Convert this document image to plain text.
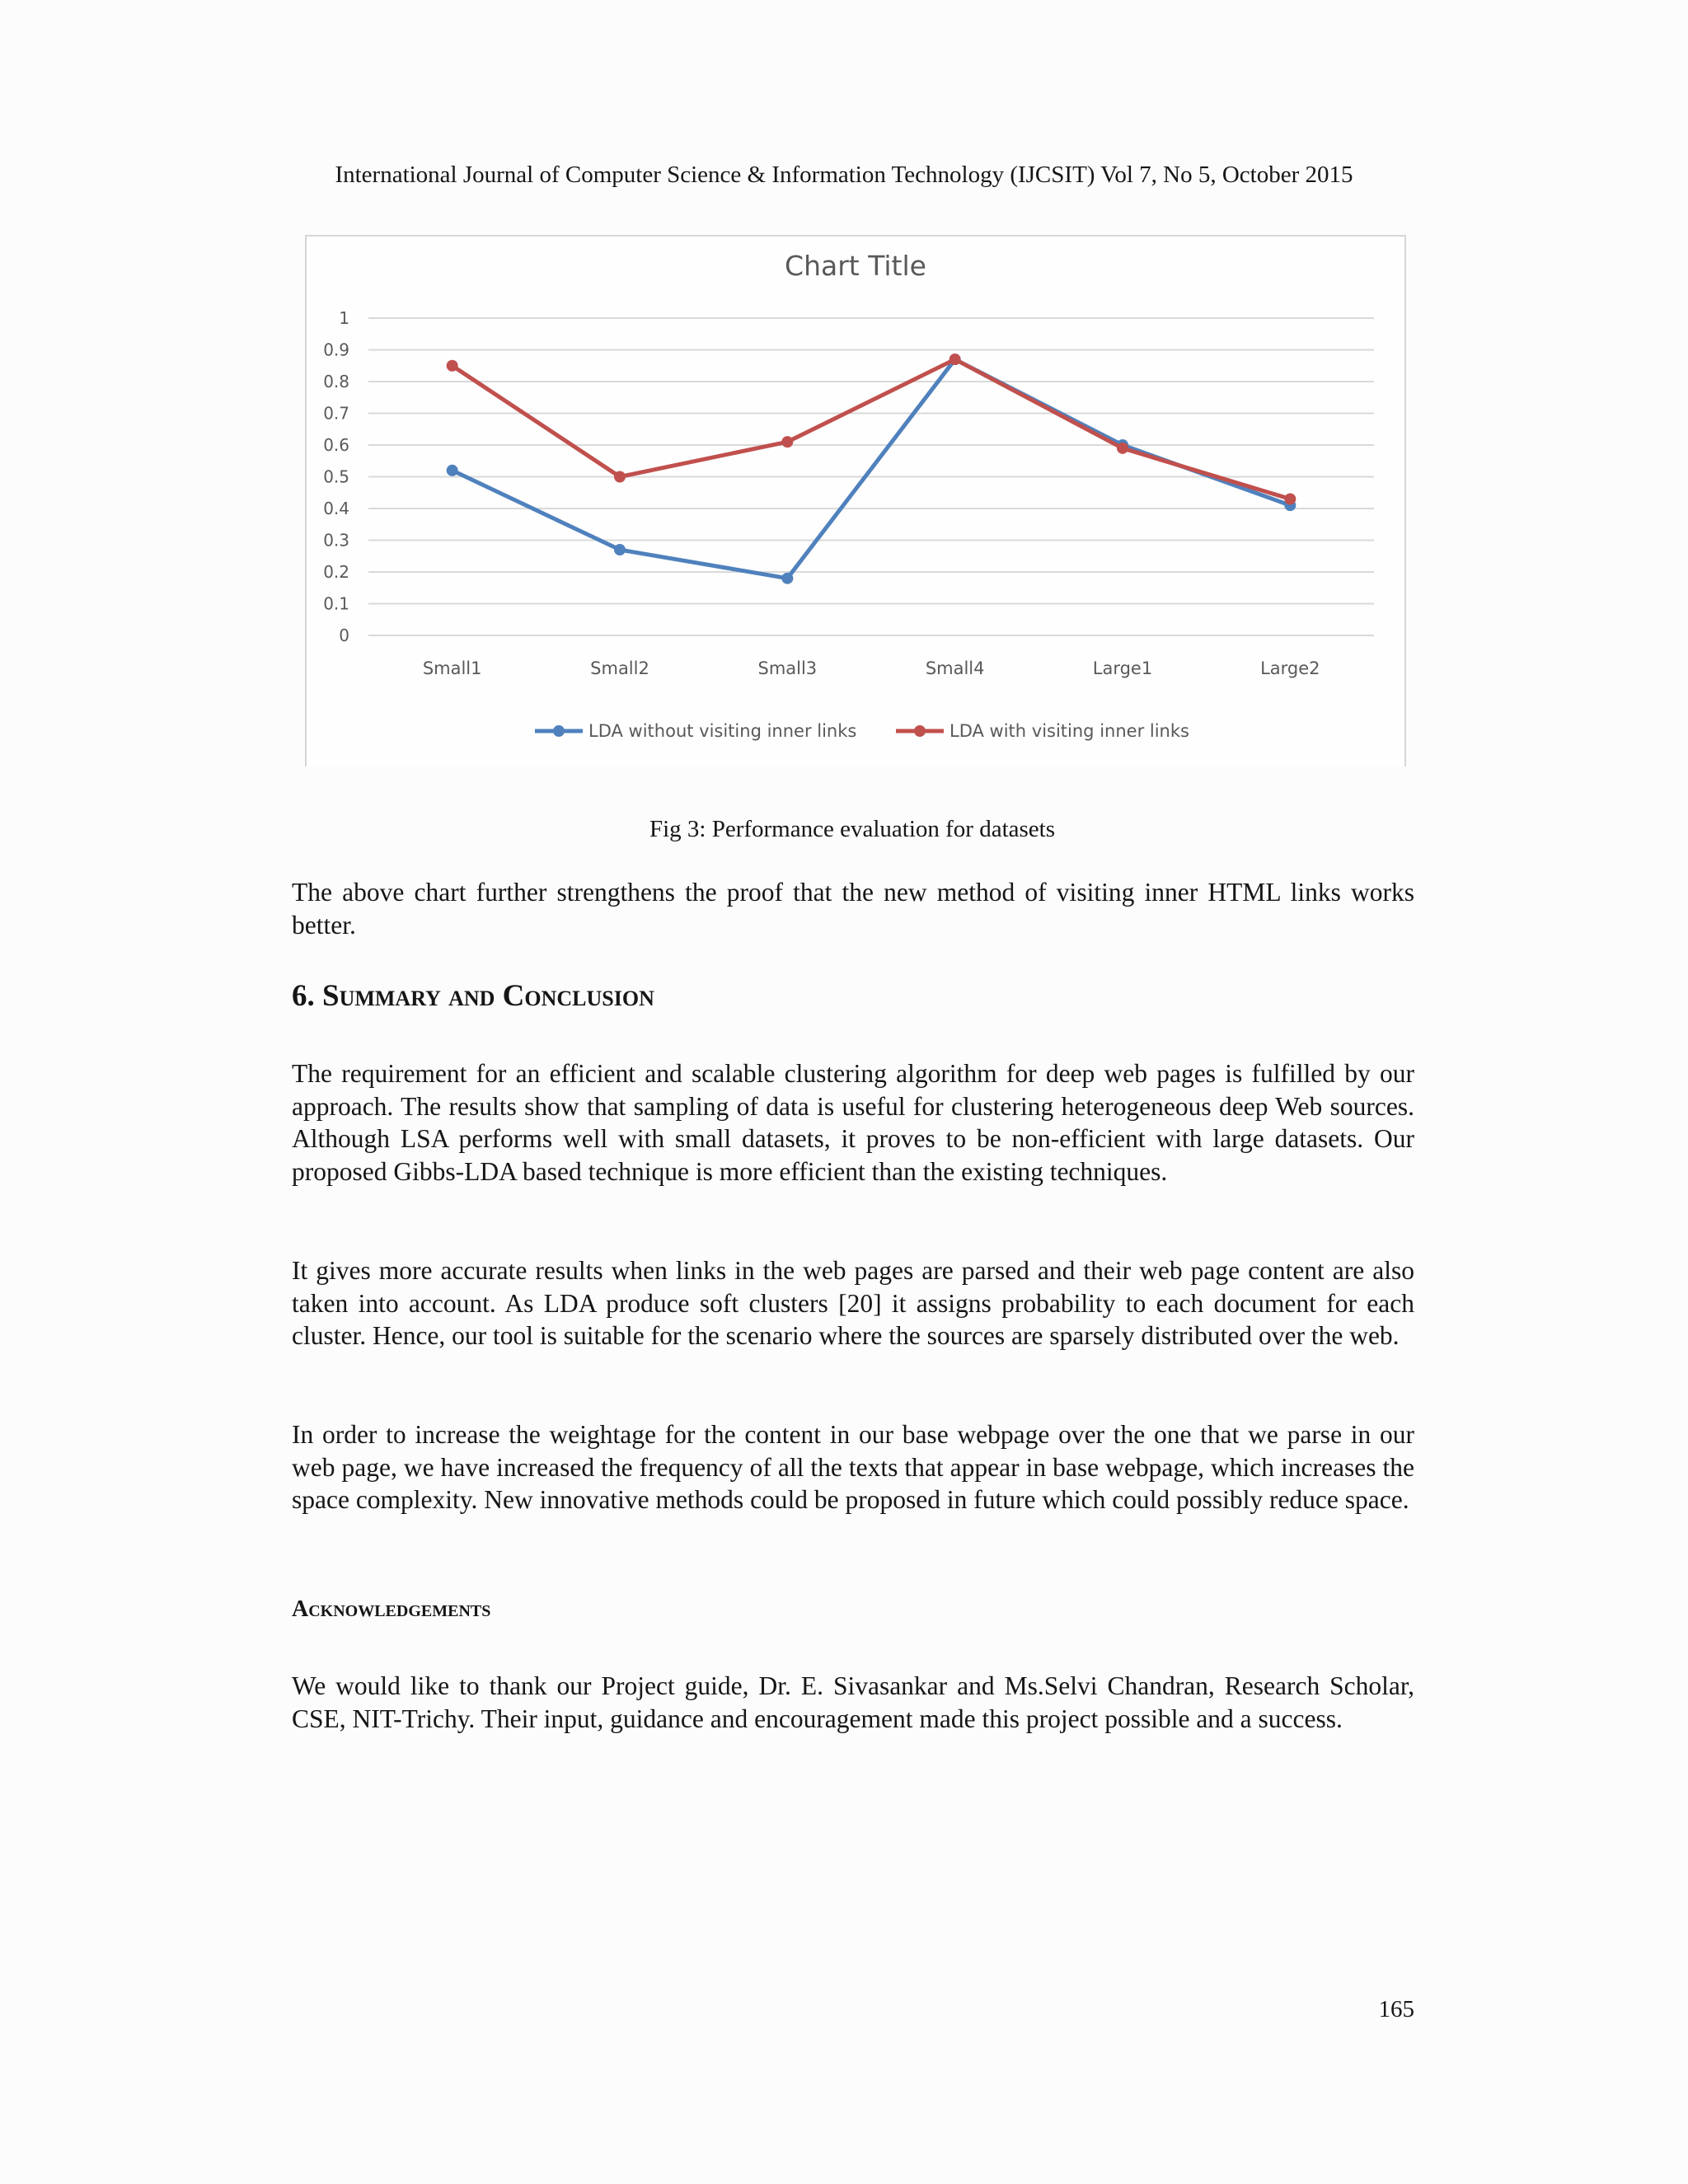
International Journal of Computer Science & Information Technology (IJCSIT) Vol 7, No 5, October 2015
Chart Title
0
0.1
0.2
0.3
0.4
0.5
0.6
0.7
0.8
0.9
1
Small1	Small2	Small3	Small4	Large1	Large2
LDA without visiting inner links	LDA with visiting inner links
Fig 3: Performance evaluation for datasets

The above chart further strengthens the proof that the new method of visiting inner HTML links works better.

6. Summary and Conclusion

The requirement for an efficient and scalable clustering algorithm for deep web pages is fulfilled by our approach. The results show that sampling of data is useful for clustering heterogeneous deep Web sources. Although LSA performs well with small datasets, it proves to be non-efficient with large datasets. Our proposed Gibbs-LDA based technique is more efficient than the existing techniques.

It gives more accurate results when links in the web pages are parsed and their web page content are also taken into account. As LDA produce soft clusters [20] it assigns probability to each document for each cluster. Hence, our tool is suitable for the scenario where the sources are sparsely distributed over the web.

In order to increase the weightage for the content in our base webpage over the one that we parse in our web page, we have increased the frequency of all the texts that appear in base webpage, which increases the space complexity. New innovative methods could be proposed in future which could possibly reduce space.

Acknowledgements

We would like to thank our Project guide, Dr. E. Sivasankar and Ms.Selvi Chandran, Research Scholar, CSE, NIT-Trichy. Their input, guidance and encouragement made this project possible and a success.

165
